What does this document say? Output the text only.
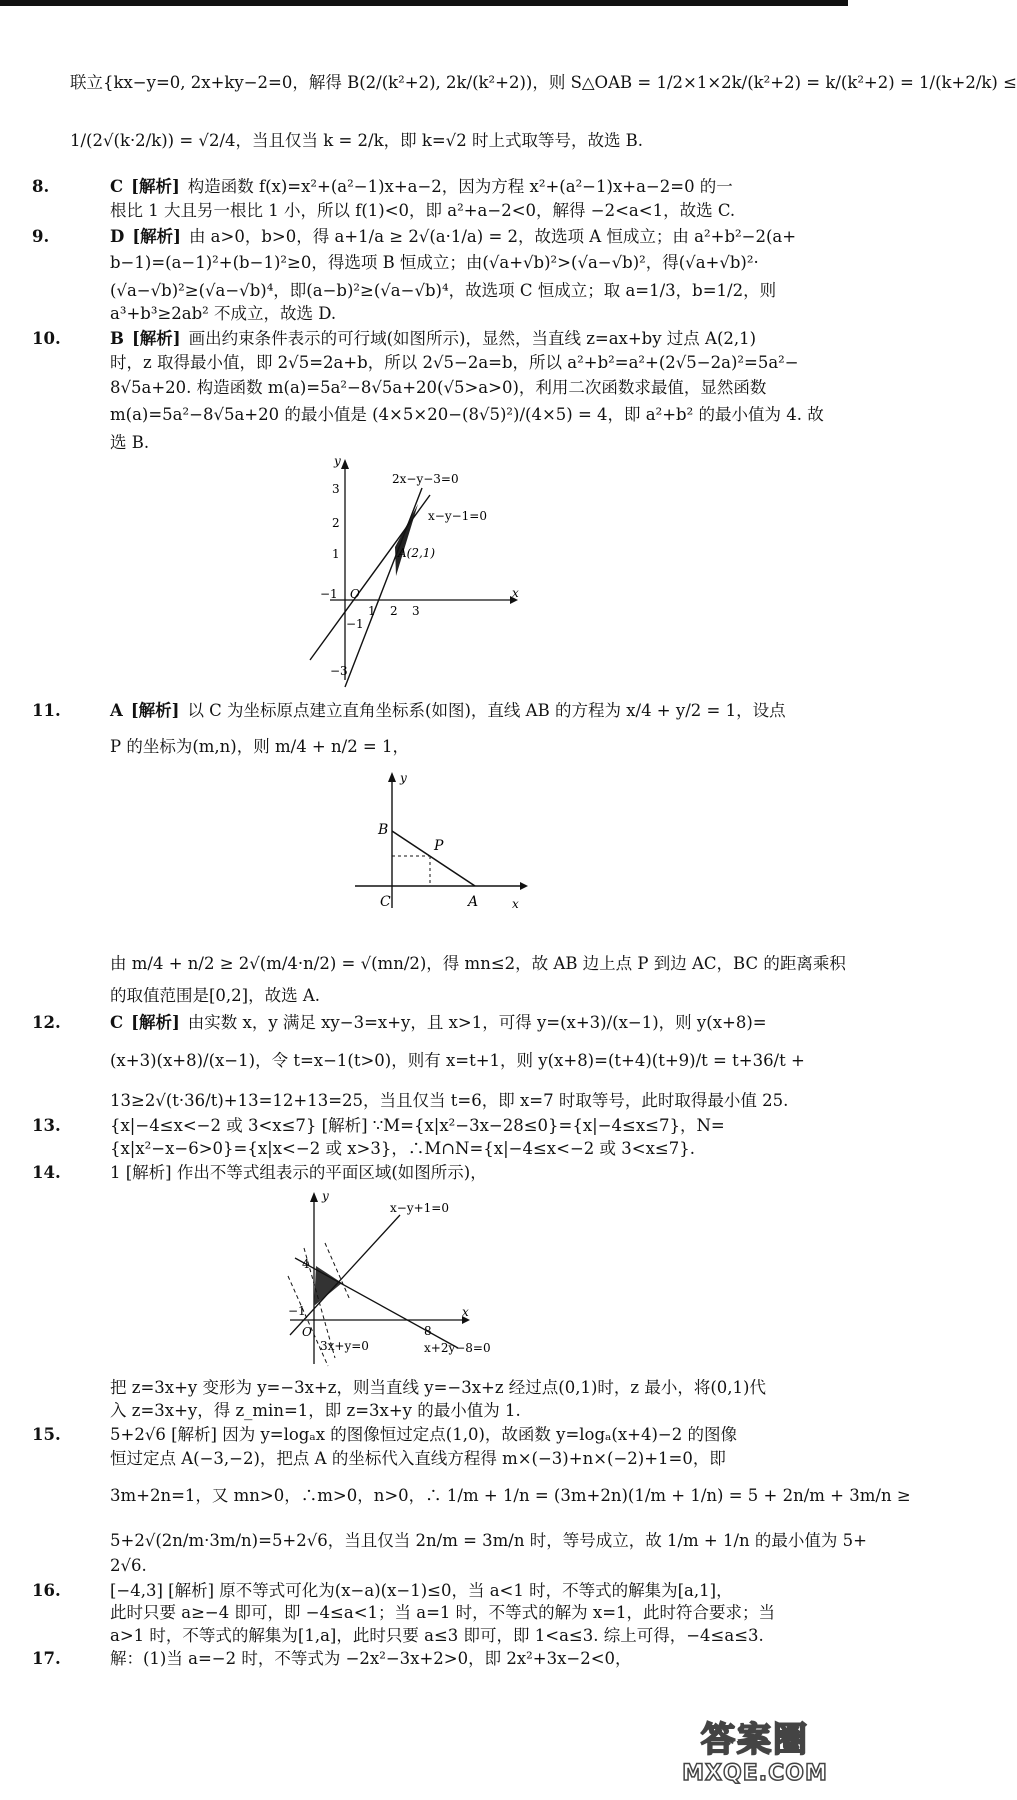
联立{kx−y=0, 2x+ky−2=0，解得 B(2/(k²+2), 2k/(k²+2))，则 S△OAB = 1/2×1×2k/(k²+2) = k/(k²+2) = 1/(k+2/k) ≤
1/(2√(k·2/k)) = √2/4，当且仅当 k = 2/k，即 k=√2 时上式取等号，故选 B.
8.	C [解析] 构造函数 f(x)=x²+(a²−1)x+a−2，因为方程 x²+(a²−1)x+a−2=0 的一
根比 1 大且另一根比 1 小，所以 f(1)<0，即 a²+a−2<0，解得 −2<a<1，故选 C.
9.	D [解析] 由 a>0，b>0，得 a+1/a ≥ 2√(a·1/a) = 2，故选项 A 恒成立；由 a²+b²−2(a+
b−1)=(a−1)²+(b−1)²≥0，得选项 B 恒成立；由(√a+√b)²>(√a−√b)²，得(√a+√b)²·
(√a−√b)²≥(√a−√b)⁴，即(a−b)²≥(√a−√b)⁴，故选项 C 恒成立；取 a=1/3，b=1/2，则
a³+b³≥2ab² 不成立，故选 D.
10.	B [解析] 画出约束条件表示的可行域(如图所示)，显然，当直线 z=ax+by 过点 A(2,1)
时，z 取得最小值，即 2√5=2a+b，所以 2√5−2a=b，所以 a²+b²=a²+(2√5−2a)²=5a²−
8√5a+20. 构造函数 m(a)=5a²−8√5a+20(√5>a>0)，利用二次函数求最值，显然函数
m(a)=5a²−8√5a+20 的最小值是 (4×5×20−(8√5)²)/(4×5) = 4，即 a²+b² 的最小值为 4. 故
选 B.
2x−y−3=0
x−y−1=0
A(2,1)
y
x
O
3
2
1
−1
−3
−1
1 2 3
11.	A [解析] 以 C 为坐标原点建立直角坐标系(如图)，直线 AB 的方程为 x/4 + y/2 = 1，设点
P 的坐标为(m,n)，则 m/4 + n/2 = 1，
y
x
B
P
C	A
由 m/4 + n/2 ≥ 2√(m/4·n/2) = √(mn/2)，得 mn≤2，故 AB 边上点 P 到边 AC，BC 的距离乘积
的取值范围是[0,2]，故选 A.
12.	C [解析] 由实数 x，y 满足 xy−3=x+y，且 x>1，可得 y=(x+3)/(x−1)，则 y(x+8)=
(x+3)(x+8)/(x−1)，令 t=x−1(t>0)，则有 x=t+1，则 y(x+8)=(t+4)(t+9)/t = t+36/t +
13≥2√(t·36/t)+13=12+13=25，当且仅当 t=6，即 x=7 时取等号，此时取得最小值 25.
13.	{x|−4≤x<−2 或 3<x≤7} [解析] ∵M={x|x²−3x−28≤0}={x|−4≤x≤7}，N=
{x|x²−x−6>0}={x|x<−2 或 x>3}，∴M∩N={x|−4≤x<−2 或 3<x≤7}.
14.	1 [解析] 作出不等式组表示的平面区域(如图所示)，
x−y+1=0
x+2y−8=0
3x+y=0
y
x
O
4
−1
8
把 z=3x+y 变形为 y=−3x+z，则当直线 y=−3x+z 经过点(0,1)时，z 最小，将(0,1)代
入 z=3x+y，得 z_min=1，即 z=3x+y 的最小值为 1.
15.	5+2√6 [解析] 因为 y=logₐx 的图像恒过定点(1,0)，故函数 y=logₐ(x+4)−2 的图像
恒过定点 A(−3,−2)，把点 A 的坐标代入直线方程得 m×(−3)+n×(−2)+1=0，即
3m+2n=1，又 mn>0，∴m>0，n>0，∴ 1/m + 1/n = (3m+2n)(1/m + 1/n) = 5 + 2n/m + 3m/n ≥
5+2√(2n/m·3m/n)=5+2√6，当且仅当 2n/m = 3m/n 时，等号成立，故 1/m + 1/n 的最小值为 5+
2√6.
16.	[−4,3] [解析] 原不等式可化为(x−a)(x−1)≤0，当 a<1 时，不等式的解集为[a,1]，
此时只要 a≥−4 即可，即 −4≤a<1；当 a=1 时，不等式的解为 x=1，此时符合要求；当
a>1 时，不等式的解集为[1,a]，此时只要 a≤3 即可，即 1<a≤3. 综上可得，−4≤a≤3.
17.	解：(1)当 a=−2 时，不等式为 −2x²−3x+2>0，即 2x²+3x−2<0，
答案圈
MXQE.COM
